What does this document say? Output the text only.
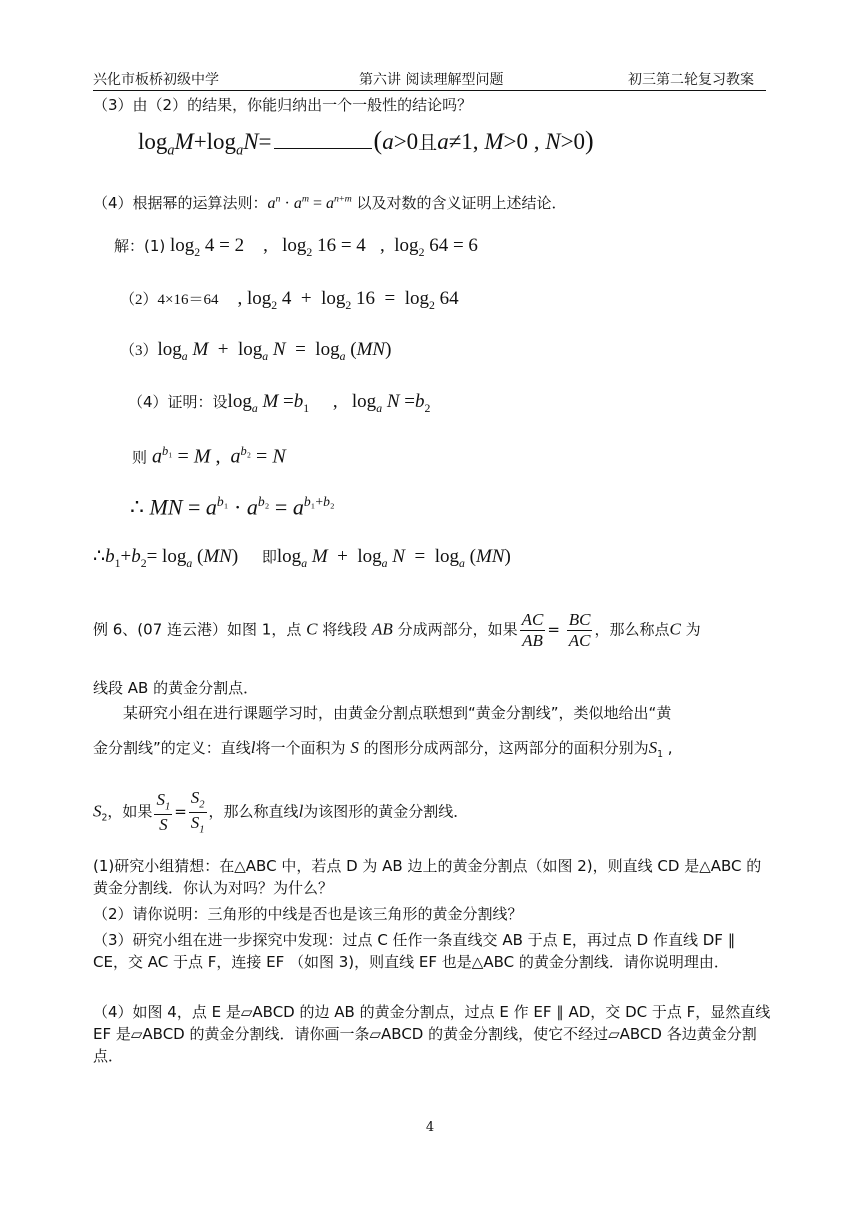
兴化市板桥初级中学	第六讲 阅读理解型问题	初三第二轮复习教案
（3）由（2）的结果，你能归纳出一个一般性的结论吗？
$\log_aM+\log_aN=$	(a>0且a≠1, M>0 , N>0)
（4）根据幂的运算法则：$a^n \cdot a^m = a^{n+m}$ 以及对数的含义证明上述结论．
解：(1) $\log_2 4 = 2$    ,   $\log_2 16 = 4$   ,  $\log_2 64 = 6$
（2）4×16＝64    , $\log_2 4 + \log_2 16 = \log_2 64$
$(3)\log_a$ $M + \log_a N = \log_a (MN)$
（4）证明：设$\log_a M =b_1$     ,   $\log_a N =b_2$
则 $a^{b_1} = M$ ,  $a^{b_2} = N$
∴ MN = $a^{b_1} \cdot a^{b_2} = a^{b_1+b_2}$
$\therefore b_1+b_2= \log_a (MN)$     即$\log_a M + \log_a N = \log_a (MN)$
例 6、(07 连云港）如图 1，点 C 将线段 AB 分成两部分，如果 $\frac{AC}{AB} = \frac{BC}{AC}$ ，那么称点C 为
线段 AB 的黄金分割点．
某研究小组在进行课题学习时，由黄金分割点联想到“黄金分割线”，类似地给出“黄
金分割线”的定义：直线l将一个面积为 S 的图形分成两部分，这两部分的面积分别为$S_1$ ,
$S_2$，如果 $\frac{S_1}{S} = \frac{S_2}{S_1}$ ，那么称直线l为该图形的黄金分割线．
(1)研究小组猜想：在△ABC 中，若点 D 为 AB 边上的黄金分割点（如图 2)，则直线 CD 是△ABC 的黄金分割线．你认为对吗？为什么？
（2）请你说明：三角形的中线是否也是该三角形的黄金分割线？
（3）研究小组在进一步探究中发现：过点 C 任作一条直线交 AB 于点 E，再过点 D 作直线 DF ∥ CE，交 AC 于点 F，连接 EF （如图 3)，则直线 EF 也是△ABC 的黄金分割线．请你说明理由．
（4）如图 4，点 E 是▱ABCD 的边 AB 的黄金分割点，过点 E 作 EF ∥ AD，交 DC 于点 F，显然直线 EF 是▱ABCD 的黄金分割线．请你画一条▱ABCD 的黄金分割线，使它不经过▱ABCD 各边黄金分割点．
4
